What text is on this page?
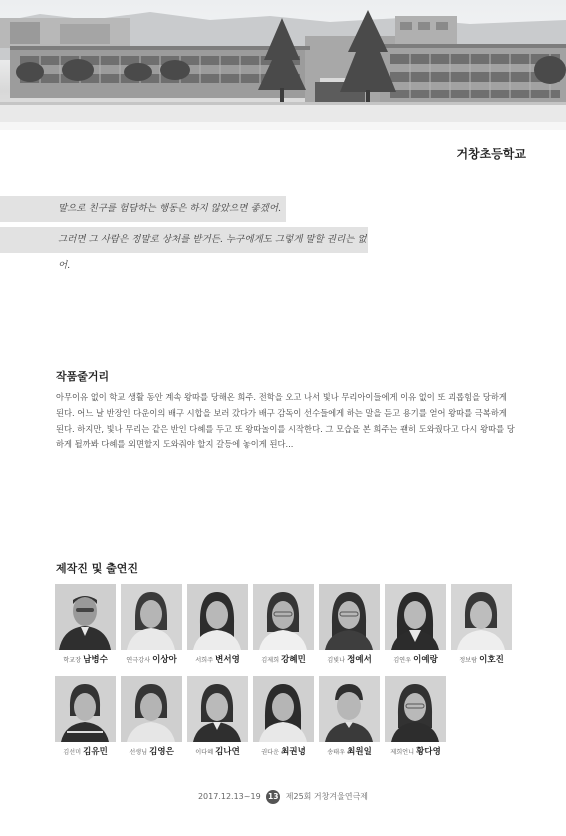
거창초등학교
말으로 친구를 험담하는 행동은 하지 않았으면 좋겠어.
그러면 그 사람은 정말로 상처를 받거든. 누구에게도 그렇게 말할 권리는 없어.
작품줄거리

아무이유 없이 학교 생활 동안 계속 왕따를 당해온 희주. 전학을 오고 나서 빛나 무리아이들에게 이유 없이 또 괴롭힘을 당하게 된다. 어느 날 반장인 다운이의 배구 시합을 보러 갔다가 배구 감독이 선수들에게 하는 말을 듣고 용기를 얻어 왕따를 극복하게 된다. 하지만, 빛나 무리는 같은 반인 다혜를 두고 또 왕따놀이를 시작한다. 그 모습을 본 희주는 괜히 도와줬다고 다시 왕따를 당하게 될까봐 다혜를 외면할지 도와줘야 할지 갈등에 놓이게 된다...

제작진 및 출연진
학교장 남병수	연극강사 이상아	서희주 변서영	김제희 강혜민	김빛나 정예서	김연우 이예랑	정보람 이호진
김선미 김유민	선생님 김영은	이다혜 김나연	권다운 최권녕	송태우 최원일	제희언니 황다영
2017.12.13~19 13 제25회 거창겨울연극제
